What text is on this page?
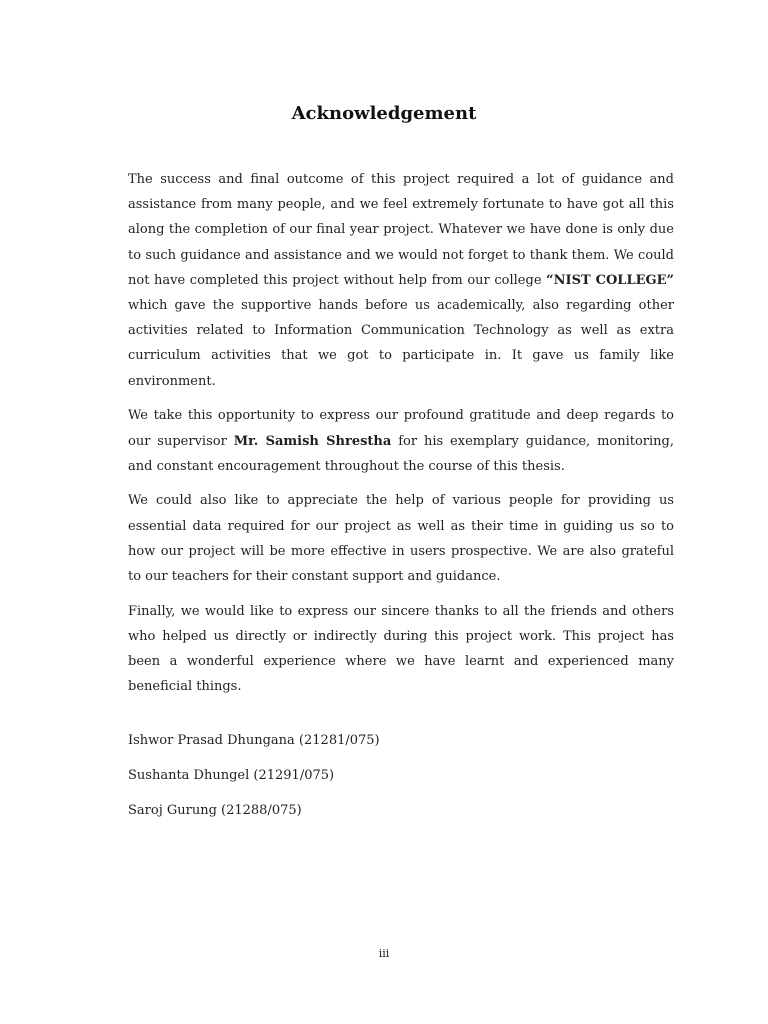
Acknowledgement

The success and final outcome of this project required a lot of guidance and assistance from many people, and we feel extremely fortunate to have got all this along the completion of our final year project. Whatever we have done is only due to such guidance and assistance and we would not forget to thank them. We could not have completed this project without help from our college “NIST COLLEGE” which gave the supportive hands before us academically, also regarding other activities related to Information Communication Technology as well as extra curriculum activities that we got to participate in. It gave us family like environment.

We take this opportunity to express our profound gratitude and deep regards to our supervisor Mr. Samish Shrestha for his exemplary guidance, monitoring, and constant encouragement throughout the course of this thesis.

We could also like to appreciate the help of various people for providing us essential data required for our project as well as their time in guiding us so to how our project will be more effective in users prospective. We are also grateful to our teachers for their constant support and guidance.

Finally, we would like to express our sincere thanks to all the friends and others who helped us directly or indirectly during this project work. This project has been a wonderful experience where we have learnt and experienced many beneficial things.

Ishwor Prasad Dhungana (21281/075)
Sushanta Dhungel (21291/075)
Saroj Gurung (21288/075)
iii
